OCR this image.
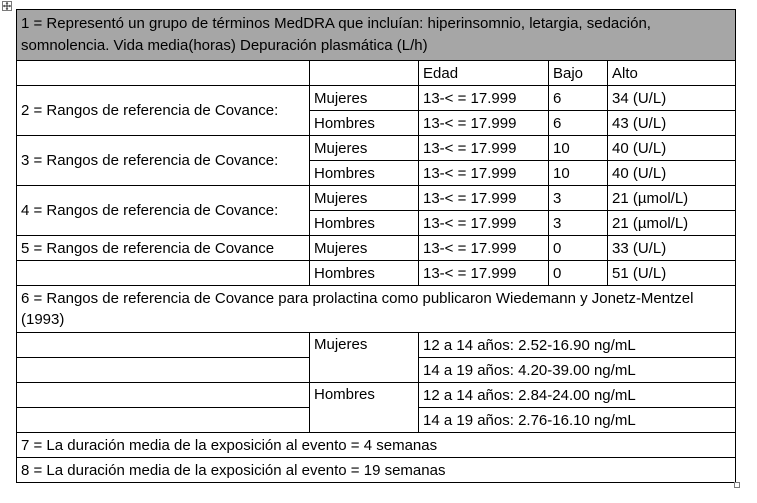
1 = Representó un grupo de términos MedDRA que incluían: hiperinsomnio, letargia, sedación, somnolencia. Vida media(horas) Depuración plasmática (L/h)				
		Edad	Bajo	Alto
2 = Rangos de referencia de Covance:	Mujeres	13-< = 17.999	6	34 (U/L)
	Hombres	13-< = 17.999	6	43 (U/L)
3 = Rangos de referencia de Covance:	Mujeres	13-< = 17.999	10	40 (U/L)
	Hombres	13-< = 17.999	10	40 (U/L)
4 = Rangos de referencia de Covance:	Mujeres	13-< = 17.999	3	21 (µmol/L)
	Hombres	13-< = 17.999	3	21 (µmol/L)
5 = Rangos de referencia de Covance	Mujeres	13-< = 17.999	0	33 (U/L)
	Hombres	13-< = 17.999	0	51 (U/L)
6 = Rangos de referencia de Covance para prolactina como publicaron Wiedemann y Jonetz-Mentzel (1993)				
	Mujeres	12 a 14 años: 2.52-16.90 ng/mL		
		14 a 19 años: 4.20-39.00 ng/mL		
	Hombres	12 a 14 años: 2.84-24.00 ng/mL		
		14 a 19 años: 2.76-16.10 ng/mL		
7 = La duración media de la exposición al evento = 4 semanas				
8 = La duración media de la exposición al evento = 19 semanas				
